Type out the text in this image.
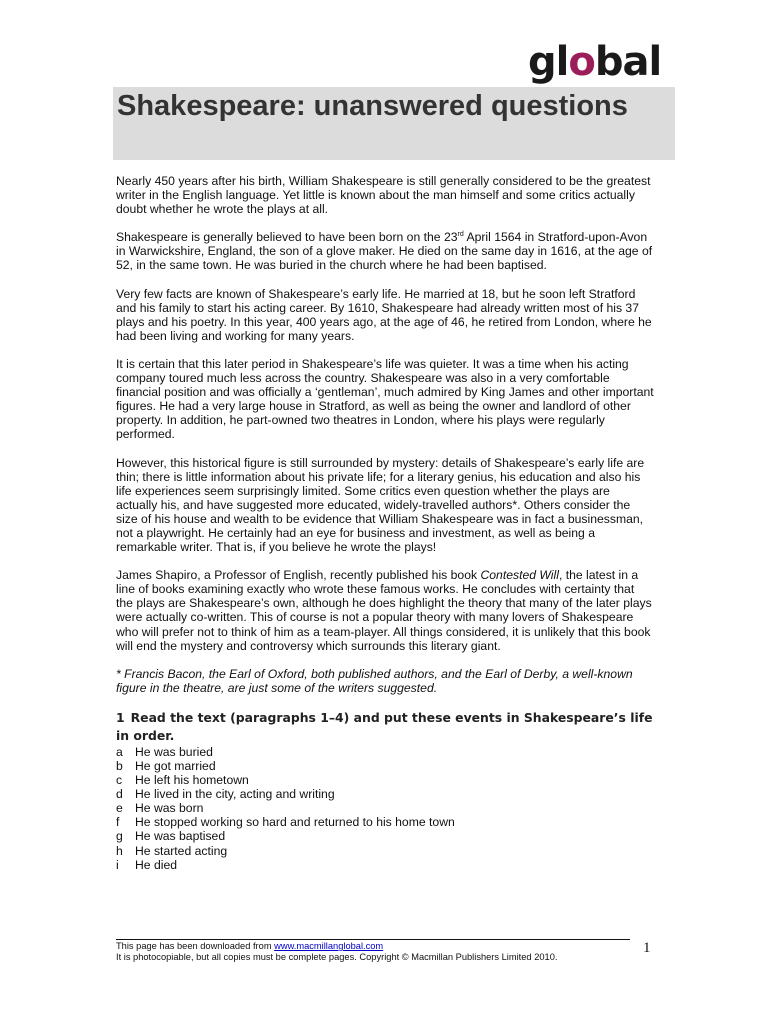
global
Shakespeare: unanswered questions

Nearly 450 years after his birth, William Shakespeare is still generally considered to be the greatest writer in the English language. Yet little is known about the man himself and some critics actually doubt whether he wrote the plays at all.

Shakespeare is generally believed to have been born on the 23rd April 1564 in Stratford-upon-Avon in Warwickshire, England, the son of a glove maker. He died on the same day in 1616, at the age of 52, in the same town. He was buried in the church where he had been baptised.

Very few facts are known of Shakespeare’s early life. He married at 18, but he soon left Stratford and his family to start his acting career. By 1610, Shakespeare had already written most of his 37 plays and his poetry. In this year, 400 years ago, at the age of 46, he retired from London, where he had been living and working for many years.

It is certain that this later period in Shakespeare’s life was quieter. It was a time when his acting company toured much less across the country. Shakespeare was also in a very comfortable financial position and was officially a ‘gentleman’, much admired by King James and other important figures. He had a very large house in Stratford, as well as being the owner and landlord of other property. In addition, he part-owned two theatres in London, where his plays were regularly performed.

However, this historical figure is still surrounded by mystery: details of Shakespeare’s early life are thin; there is little information about his private life; for a literary genius, his education and also his life experiences seem surprisingly limited. Some critics even question whether the plays are actually his, and have suggested more educated, widely-travelled authors*. Others consider the size of his house and wealth to be evidence that William Shakespeare was in fact a businessman, not a playwright. He certainly had an eye for business and investment, as well as being a remarkable writer. That is, if you believe he wrote the plays!

James Shapiro, a Professor of English, recently published his book Contested Will, the latest in a line of books examining exactly who wrote these famous works. He concludes with certainty that the plays are Shakespeare’s own, although he does highlight the theory that many of the later plays were actually co-written. This of course is not a popular theory with many lovers of Shakespeare who will prefer not to think of him as a team-player. All things considered, it is unlikely that this book will end the mystery and controversy which surrounds this literary giant.

* Francis Bacon, the Earl of Oxford, both published authors, and the Earl of Derby, a well-known figure in the theatre, are just some of the writers suggested.

1 Read the text (paragraphs 1–4) and put these events in Shakespeare’s life in order.
a	He was buried
b	He got married
c	He left his hometown
d	He lived in the city, acting and writing
e	He was born
f	He stopped working so hard and returned to his home town
g	He was baptised
h	He started acting
i	He died
This page has been downloaded from www.macmillanglobal.com
It is photocopiable, but all copies must be complete pages. Copyright © Macmillan Publishers Limited 2010.
1
